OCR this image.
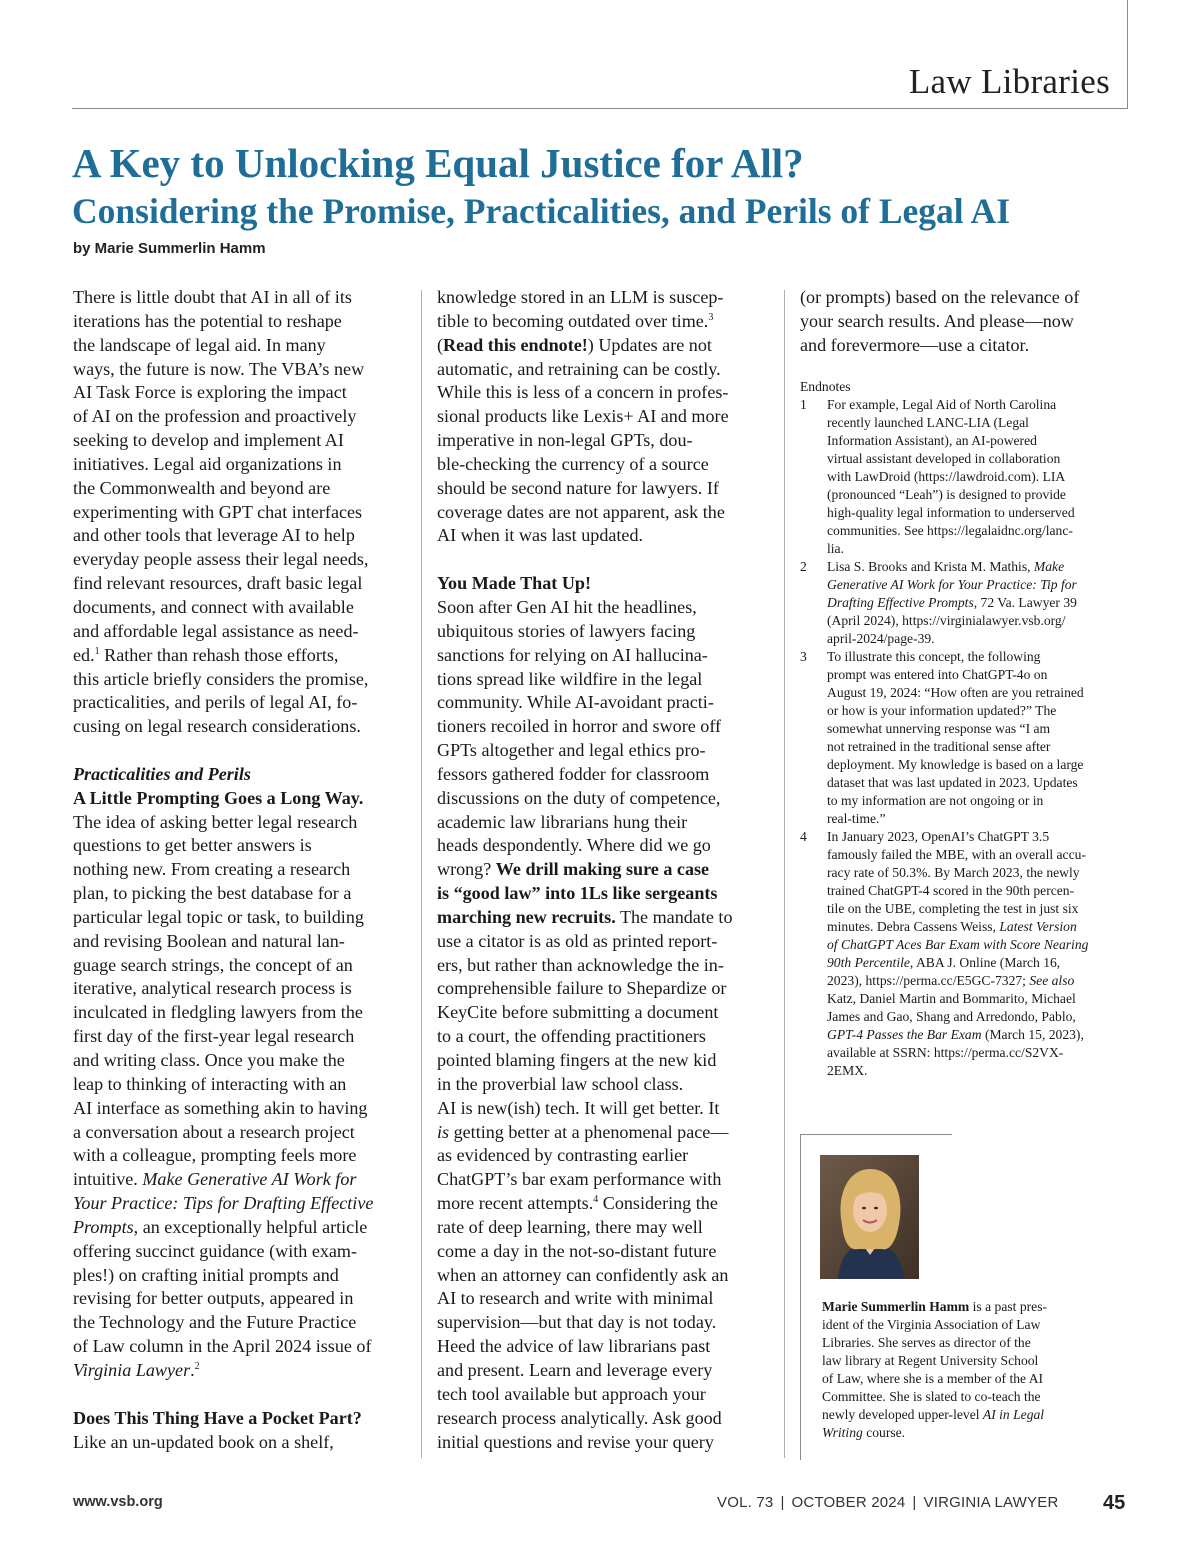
Law Libraries
A Key to Unlocking Equal Justice for All?
Considering the Promise, Practicalities, and Perils of Legal AI
by Marie Summerlin Hamm
There is little doubt that AI in all of its
iterations has the potential to reshape
the landscape of legal aid. In many
ways, the future is now. The VBA’s new
AI Task Force is exploring the impact
of AI on the profession and proactively
seeking to develop and implement AI
initiatives. Legal aid organizations in
the Commonwealth and beyond are
experimenting with GPT chat interfaces
and other tools that leverage AI to help
everyday people assess their legal needs,
find relevant resources, draft basic legal
documents, and connect with available
and affordable legal assistance as need-
ed.$^1$ Rather than rehash those efforts,
this article briefly considers the promise,
practicalities, and perils of legal AI, fo-
cusing on legal research considerations.
Practicalities and Perils
A Little Prompting Goes a Long Way.
The idea of asking better legal research
questions to get better answers is
nothing new. From creating a research
plan, to picking the best database for a
particular legal topic or task, to building
and revising Boolean and natural lan-
guage search strings, the concept of an
iterative, analytical research process is
inculcated in fledgling lawyers from the
first day of the first-year legal research
and writing class. Once you make the
leap to thinking of interacting with an
AI interface as something akin to having
a conversation about a research project
with a colleague, prompting feels more
intuitive. Make Generative AI Work for
Your Practice: Tips for Drafting Effective
Prompts, an exceptionally helpful article
offering succinct guidance (with exam-
ples!) on crafting initial prompts and
revising for better outputs, appeared in
the Technology and the Future Practice
of Law column in the April 2024 issue of
Virginia Lawyer.$^2$
Does This Thing Have a Pocket Part?
Like an un-updated book on a shelf,
knowledge stored in an LLM is suscep-
tible to becoming outdated over time.$^3$
(Read this endnote!) Updates are not
automatic, and retraining can be costly.
While this is less of a concern in profes-
sional products like Lexis+ AI and more
imperative in non-legal GPTs, dou-
ble-checking the currency of a source
should be second nature for lawyers. If
coverage dates are not apparent, ask the
AI when it was last updated.
You Made That Up!
Soon after Gen AI hit the headlines,
ubiquitous stories of lawyers facing
sanctions for relying on AI hallucina-
tions spread like wildfire in the legal
community. While AI-avoidant practi-
tioners recoiled in horror and swore off
GPTs altogether and legal ethics pro-
fessors gathered fodder for classroom
discussions on the duty of competence,
academic law librarians hung their
heads despondently. Where did we go
wrong? We drill making sure a case
is “good law” into 1Ls like sergeants
marching new recruits. The mandate to
use a citator is as old as printed report-
ers, but rather than acknowledge the in-
comprehensible failure to Shepardize or
KeyCite before submitting a document
to a court, the offending practitioners
pointed blaming fingers at the new kid
in the proverbial law school class.
AI is new(ish) tech. It will get better. It
is getting better at a phenomenal pace—
as evidenced by contrasting earlier
ChatGPT’s bar exam performance with
more recent attempts.$^4$ Considering the
rate of deep learning, there may well
come a day in the not-so-distant future
when an attorney can confidently ask an
AI to research and write with minimal
supervision—but that day is not today.
Heed the advice of law librarians past
and present. Learn and leverage every
tech tool available but approach your
research process analytically. Ask good
initial questions and revise your query
(or prompts) based on the relevance of
your search results. And please—now
and forevermore—use a citator.
Endnotes
1 For example, Legal Aid of North Carolina
recently launched LANC-LIA (Legal
Information Assistant), an AI-powered
virtual assistant developed in collaboration
with LawDroid (https://lawdroid.com). LIA
(pronounced “Leah”) is designed to provide
high-quality legal information to underserved
communities. See https://legalaidnc.org/lanc-
lia.
2 Lisa S. Brooks and Krista M. Mathis, Make
Generative AI Work for Your Practice: Tip for
Drafting Effective Prompts, 72 Va. Lawyer 39
(April 2024), https://virginialawyer.vsb.org/
april-2024/page-39.
3 To illustrate this concept, the following
prompt was entered into ChatGPT-4o on
August 19, 2024: “How often are you retrained
or how is your information updated?” The
somewhat unnerving response was “I am
not retrained in the traditional sense after
deployment. My knowledge is based on a large
dataset that was last updated in 2023. Updates
to my information are not ongoing or in
real-time.”
4 In January 2023, OpenAI’s ChatGPT 3.5
famously failed the MBE, with an overall accu-
racy rate of 50.3%. By March 2023, the newly
trained ChatGPT-4 scored in the 90th percen-
tile on the UBE, completing the test in just six
minutes. Debra Cassens Weiss, Latest Version
of ChatGPT Aces Bar Exam with Score Nearing
90th Percentile, ABA J. Online (March 16,
2023), https://perma.cc/E5GC-7327; See also
Katz, Daniel Martin and Bommarito, Michael
James and Gao, Shang and Arredondo, Pablo,
GPT-4 Passes the Bar Exam (March 15, 2023),
available at SSRN: https://perma.cc/S2VX-
2EMX.
Marie Summerlin Hamm is a past pres-
ident of the Virginia Association of Law
Libraries. She serves as director of the
law library at Regent University School
of Law, where she is a member of the AI
Committee. She is slated to co-teach the
newly developed upper-level AI in Legal
Writing course.
www.vsb.org	VOL. 73 | OCTOBER 2024 | VIRGINIA LAWYER 45
